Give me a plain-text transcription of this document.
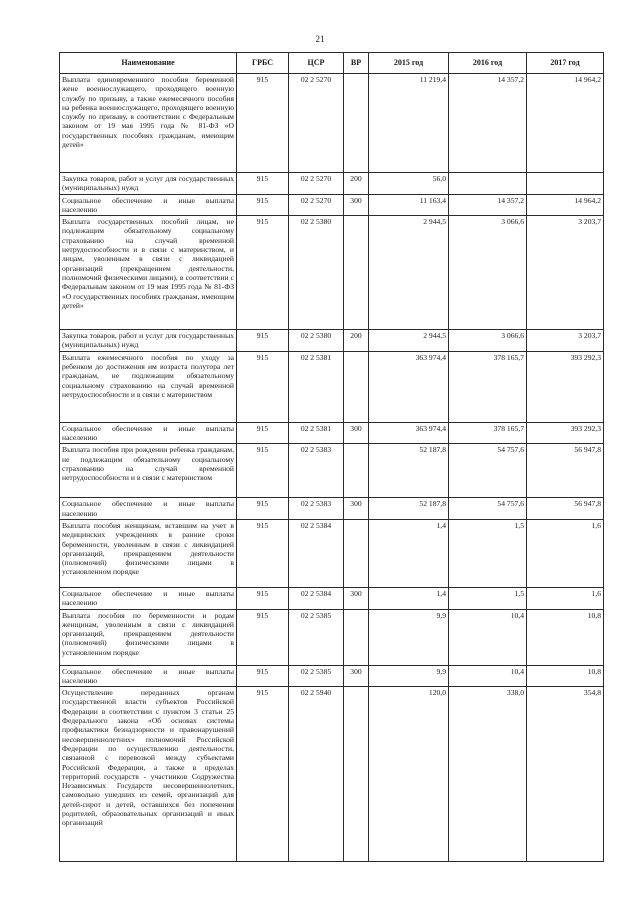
21
Наименование	ГРБС	ЦСР	ВР	2015 год	2016 год	2017 год
Выплата единовременного пособия беременной жене военнослужащего, проходящего военную службу по призыву, а также ежемесячного пособия на ребенка военнослужащего, проходящего военную службу по призыву, в соответствии с Федеральным законом от 19 мая 1995 года № 81-ФЗ «О государственных пособиях гражданам, имеющим детей»	915	02 2 5270		11 219,4	14 357,2	14 964,2
Закупка товаров, работ и услуг для государственных (муниципальных) нужд	915	02 2 5270	200	56,0		
Социальное обеспечение и иные выплаты населению	915	02 2 5270	300	11 163,4	14 357,2	14 964,2
Выплата государственных пособий лицам, не подлежащим обязательному социальному страхованию на случай временной нетрудоспособности и в связи с материнством, и лицам, уволенным в связи с ликвидацией организаций (прекращением деятельности, полномочий физическими лицами), в соответствии с Федеральным законом от 19 мая 1995 года № 81-ФЗ «О государственных пособиях гражданам, имеющим детей»	915	02 2 5380		2 944,5	3 066,6	3 203,7
Закупка товаров, работ и услуг для государственных (муниципальных) нужд	915	02 2 5380	200	2 944,5	3 066,6	3 203,7
Выплата ежемесячного пособия по уходу за ребенком до достижения им возраста полутора лет гражданам, не подлежащим обязательному социальному страхованию на случай временной нетрудоспособности и в связи с материнством	915	02 2 5381		363 974,4	378 165,7	393 292,3
Социальное обеспечение и иные выплаты населению	915	02 2 5381	300	363 974,4	378 165,7	393 292,3
Выплата пособия при рождении ребенка гражданам, не подлежащим обязательному социальному страхованию на случай временной нетрудоспособности и в связи с материнством	915	02 2 5383		52 187,8	54 757,6	56 947,8
Социальное обеспечение и иные выплаты населению	915	02 2 5383	300	52 187,8	54 757,6	56 947,8
Выплата пособия женщинам, вставшим на учет в медицинских учреждениях в ранние сроки беременности, уволенным в связи с ликвидацией организаций, прекращением деятельности (полномочий) физическими лицами в установленном порядке	915	02 2 5384		1,4	1,5	1,6
Социальное обеспечение и иные выплаты населению	915	02 2 5384	300	1,4	1,5	1,6
Выплата пособия по беременности и родам женщинам, уволенным в связи с ликвидацией организаций, прекращением деятельности (полномочий) физическими лицами в установленном порядке	915	02 2 5385		9,9	10,4	10,8
Социальное обеспечение и иные выплаты населению	915	02 2 5385	300	9,9	10,4	10,8
Осуществление переданных органам государственной власти субъектов Российской Федерации в соответствии с пунктом 3 статьи 25 Федерального закона «Об основах системы профилактики безнадзорности и правонарушений несовершеннолетних» полномочий Российской Федерации по осуществлению деятельности, связанной с перевозкой между субъектами Российской Федерации, а также в пределах территорий государств - участников Содружества Независимых Государств несовершеннолетних, самовольно ушедших из семей, организаций для детей-сирот и детей, оставшихся без попечения родителей, образовательных организаций и иных организаций	915	02 2 5940		120,0	338,0	354,8
